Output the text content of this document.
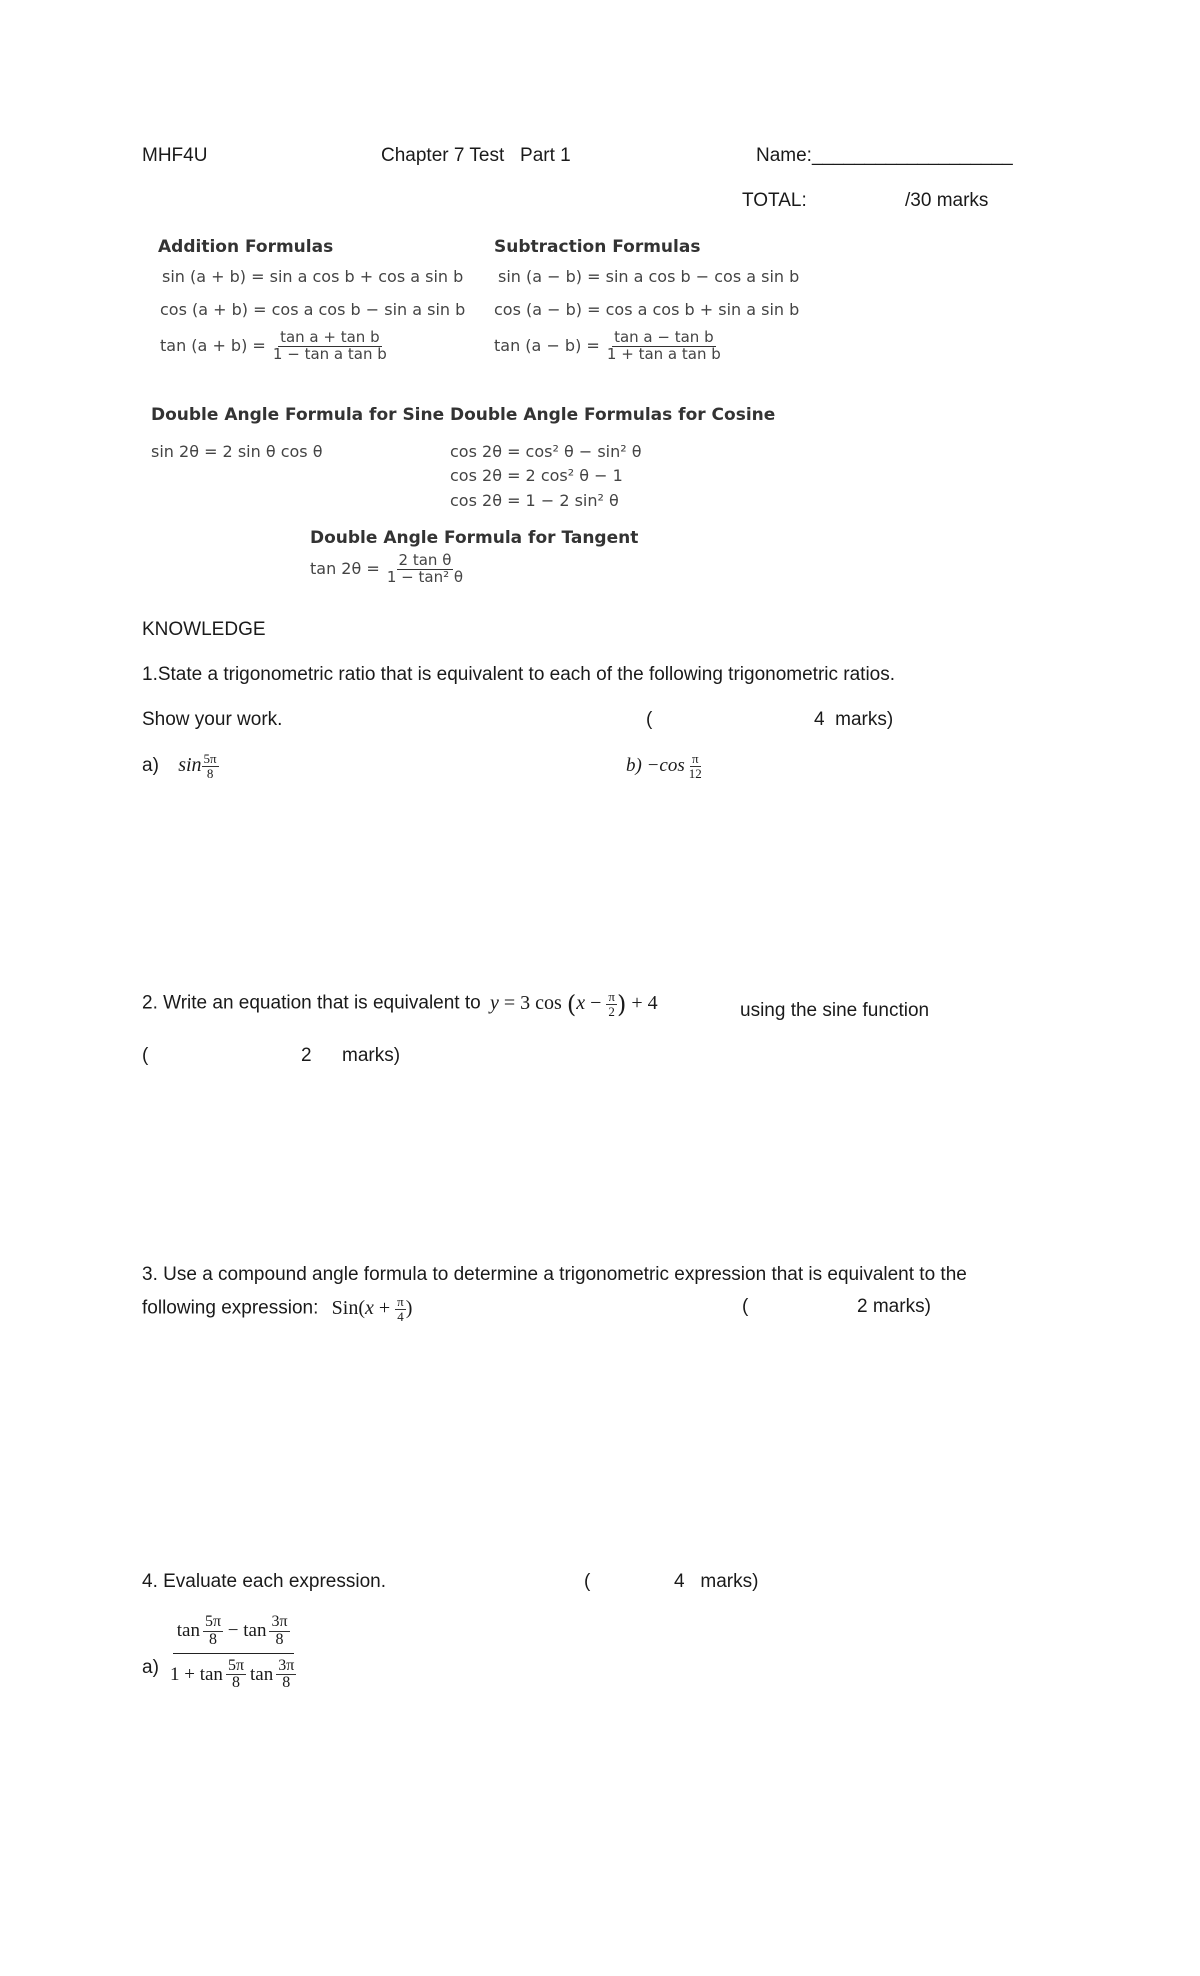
MHF4U	Chapter 7 Test   Part 1	Name:___________________
TOTAL:	/30 marks
Addition Formulas
sin (a + b) = sin a cos b + cos a sin b
cos (a + b) = cos a cos b − sin a sin b
$\tan (a + b) = \frac{\text{tan a + tan b}}{\text{1 − tan a tan b}}$
Subtraction Formulas
sin (a − b) = sin a cos b − cos a sin b
cos (a − b) = cos a cos b + sin a sin b
$\tan (a - b) = \frac{\text{tan a − tan b}}{\text{1 + tan a tan b}}$
Double Angle Formula for Sine
sin 2θ = 2 sin θ cos θ
Double Angle Formulas for Cosine
cos 2θ = cos² θ − sin² θ
cos 2θ = 2 cos² θ − 1
cos 2θ = 1 − 2 sin² θ
Double Angle Formula for Tangent
$\tan 2\theta = \frac{\text{2 tan θ}}{\text{1 − tan² θ}}$
KNOWLEDGE
1.State a trigonometric ratio that is equivalent to each of the following trigonometric ratios.
Show your work.	(	4  marks)
a) $\sin \frac{5\pi}{8}$	$b) -\cos \frac{\pi}{12}$
2. Write an equation that is equivalent to y = 3 $\cos (x - \frac{\pi}{2}$ ) + 4	using the sine function
(	2 marks)
3. Use a compound angle formula to determine a trigonometric expression that is equivalent to the
following expression: $Sin(x + \frac{\pi}{4}$ )	(	2 marks)
4. Evaluate each expression.	(	4   marks)
$a) \frac{\tan \frac{5\pi}{8} - \tan \frac{3\pi}{8}}{1 + \tan \frac{5\pi}{8} \tan \frac{3\pi}{8}}$
